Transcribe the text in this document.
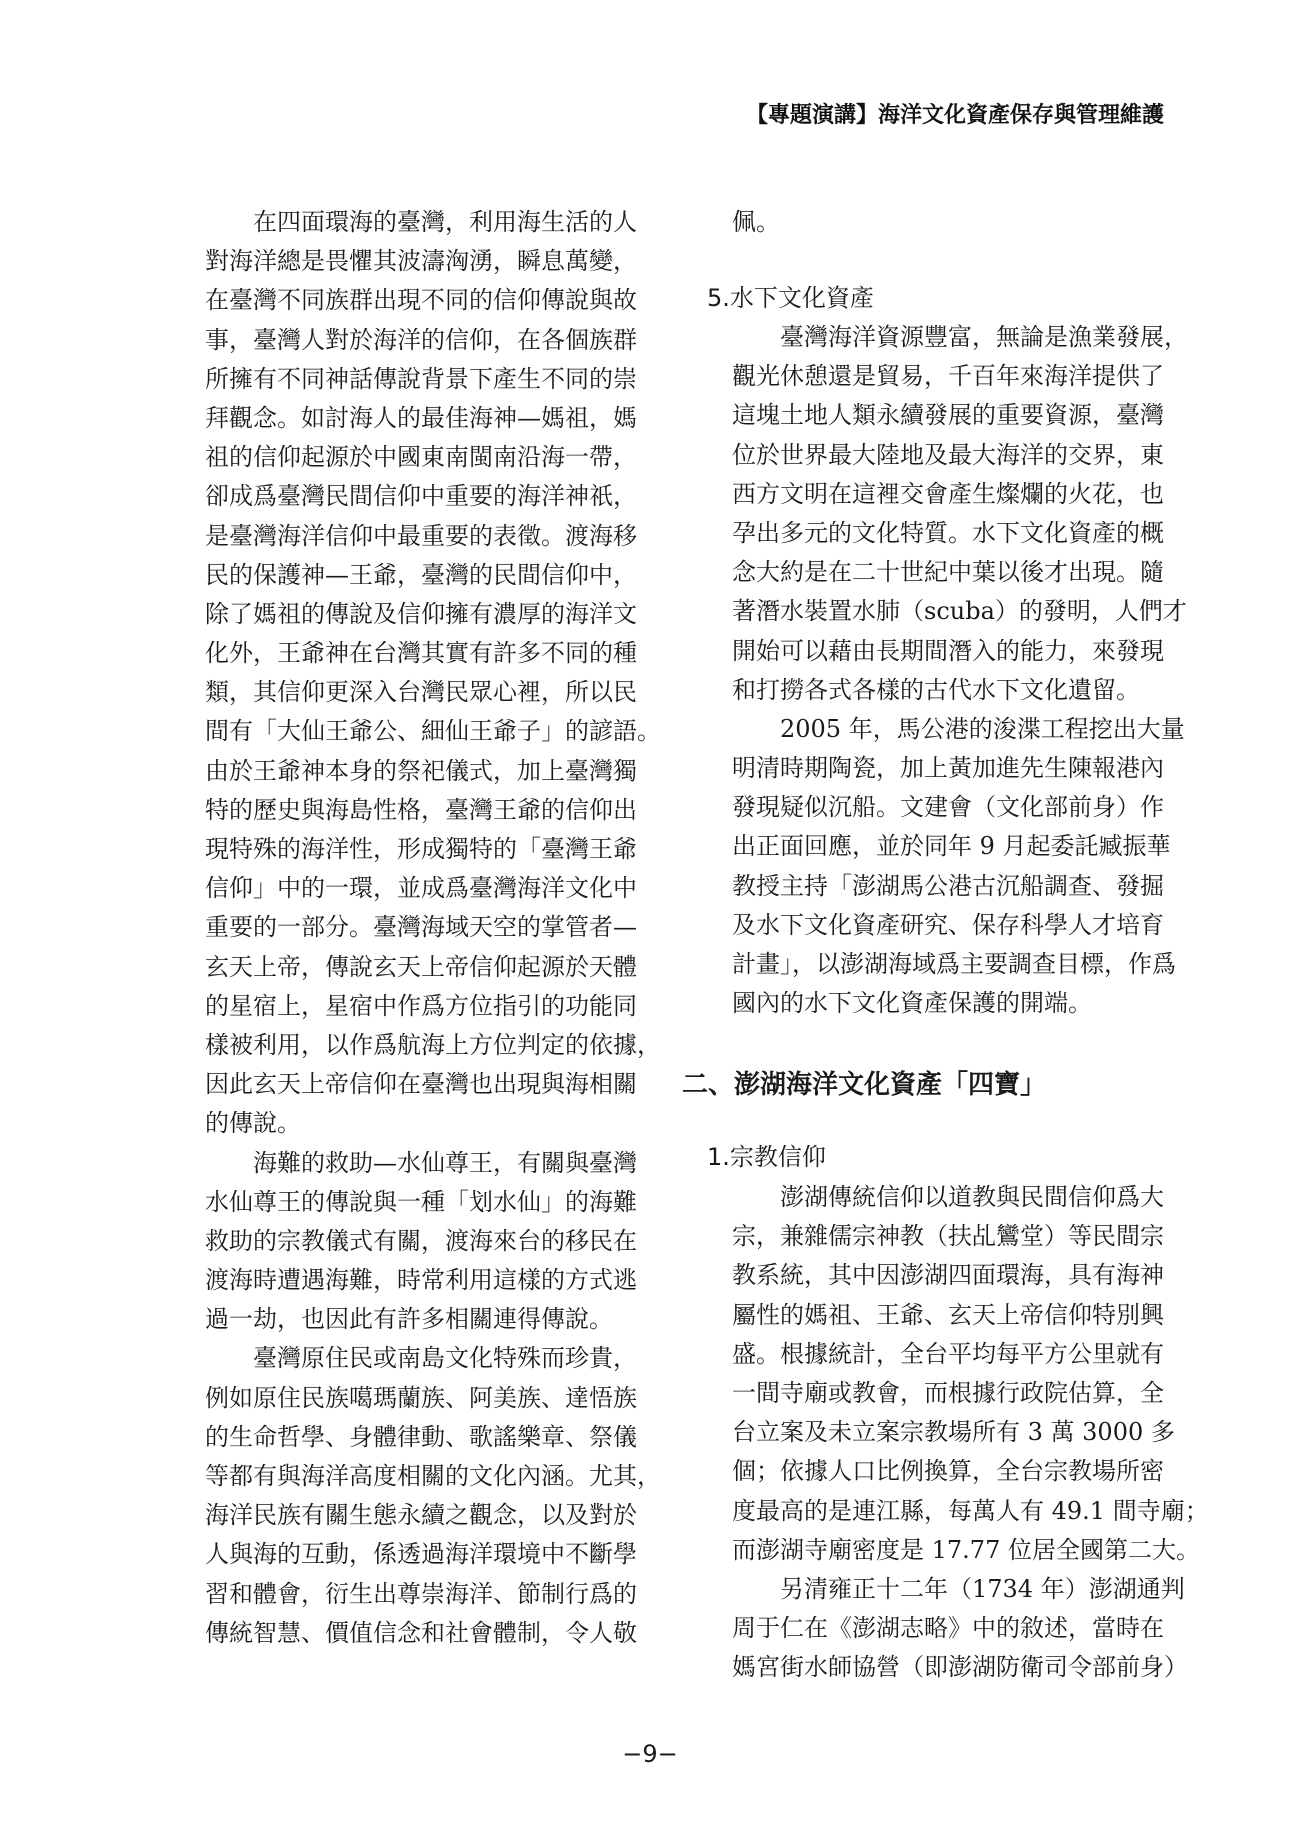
【專題演講】海洋文化資產保存與管理維護
在四面環海的臺灣，利用海生活的人
對海洋總是畏懼其波濤洶湧，瞬息萬變，
在臺灣不同族群出現不同的信仰傳說與故
事，臺灣人對於海洋的信仰，在各個族群
所擁有不同神話傳說背景下產生不同的崇
拜觀念。如討海人的最佳海神—媽祖，媽
祖的信仰起源於中國東南閩南沿海一帶，
卻成爲臺灣民間信仰中重要的海洋神祇，
是臺灣海洋信仰中最重要的表徵。渡海移
民的保護神—王爺，臺灣的民間信仰中，
除了媽祖的傳說及信仰擁有濃厚的海洋文
化外，王爺神在台灣其實有許多不同的種
類，其信仰更深入台灣民眾心裡，所以民
間有「大仙王爺公、細仙王爺子」的諺語。
由於王爺神本身的祭祀儀式，加上臺灣獨
特的歷史與海島性格，臺灣王爺的信仰出
現特殊的海洋性，形成獨特的「臺灣王爺
信仰」中的一環，並成爲臺灣海洋文化中
重要的一部分。臺灣海域天空的掌管者—
玄天上帝，傳說玄天上帝信仰起源於天體
的星宿上，星宿中作爲方位指引的功能同
樣被利用，以作爲航海上方位判定的依據，
因此玄天上帝信仰在臺灣也出現與海相關
的傳說。
海難的救助—水仙尊王，有關與臺灣
水仙尊王的傳說與一種「划水仙」的海難
救助的宗教儀式有關，渡海來台的移民在
渡海時遭遇海難，時常利用這樣的方式逃
過一劫，也因此有許多相關連得傳說。
臺灣原住民或南島文化特殊而珍貴，
例如原住民族噶瑪蘭族、阿美族、達悟族
的生命哲學、身體律動、歌謠樂章、祭儀
等都有與海洋高度相關的文化內涵。尤其，
海洋民族有關生態永續之觀念，以及對於
人與海的互動，係透過海洋環境中不斷學
習和體會，衍生出尊崇海洋、節制行爲的
傳統智慧、價值信念和社會體制，令人敬
佩。
5.水下文化資產
臺灣海洋資源豐富，無論是漁業發展，
觀光休憩還是貿易，千百年來海洋提供了
這塊土地人類永續發展的重要資源，臺灣
位於世界最大陸地及最大海洋的交界，東
西方文明在這裡交會產生燦爛的火花，也
孕出多元的文化特質。水下文化資產的概
念大約是在二十世紀中葉以後才出現。隨
著潛水裝置水肺（scuba）的發明，人們才
開始可以藉由長期間潛入的能力，來發現
和打撈各式各樣的古代水下文化遺留。
2005 年，馬公港的浚渫工程挖出大量
明清時期陶瓷，加上黃加進先生陳報港內
發現疑似沉船。文建會（文化部前身）作
出正面回應，並於同年 9 月起委託臧振華
教授主持「澎湖馬公港古沉船調查、發掘
及水下文化資產研究、保存科學人才培育
計畫」，以澎湖海域爲主要調查目標，作爲
國內的水下文化資產保護的開端。
二、澎湖海洋文化資產「四寶」
1.宗教信仰
澎湖傳統信仰以道教與民間信仰爲大
宗，兼雜儒宗神教（扶乩鸞堂）等民間宗
教系統，其中因澎湖四面環海，具有海神
屬性的媽祖、王爺、玄天上帝信仰特別興
盛。根據統計，全台平均每平方公里就有
一間寺廟或教會，而根據行政院估算，全
台立案及未立案宗教場所有 3 萬 3000 多
個；依據人口比例換算，全台宗教場所密
度最高的是連江縣，每萬人有 49.1 間寺廟；
而澎湖寺廟密度是 17.77 位居全國第二大。
另清雍正十二年（1734 年）澎湖通判
周于仁在《澎湖志略》中的敘述，當時在
媽宮街水師協營（即澎湖防衛司令部前身）
−9−
